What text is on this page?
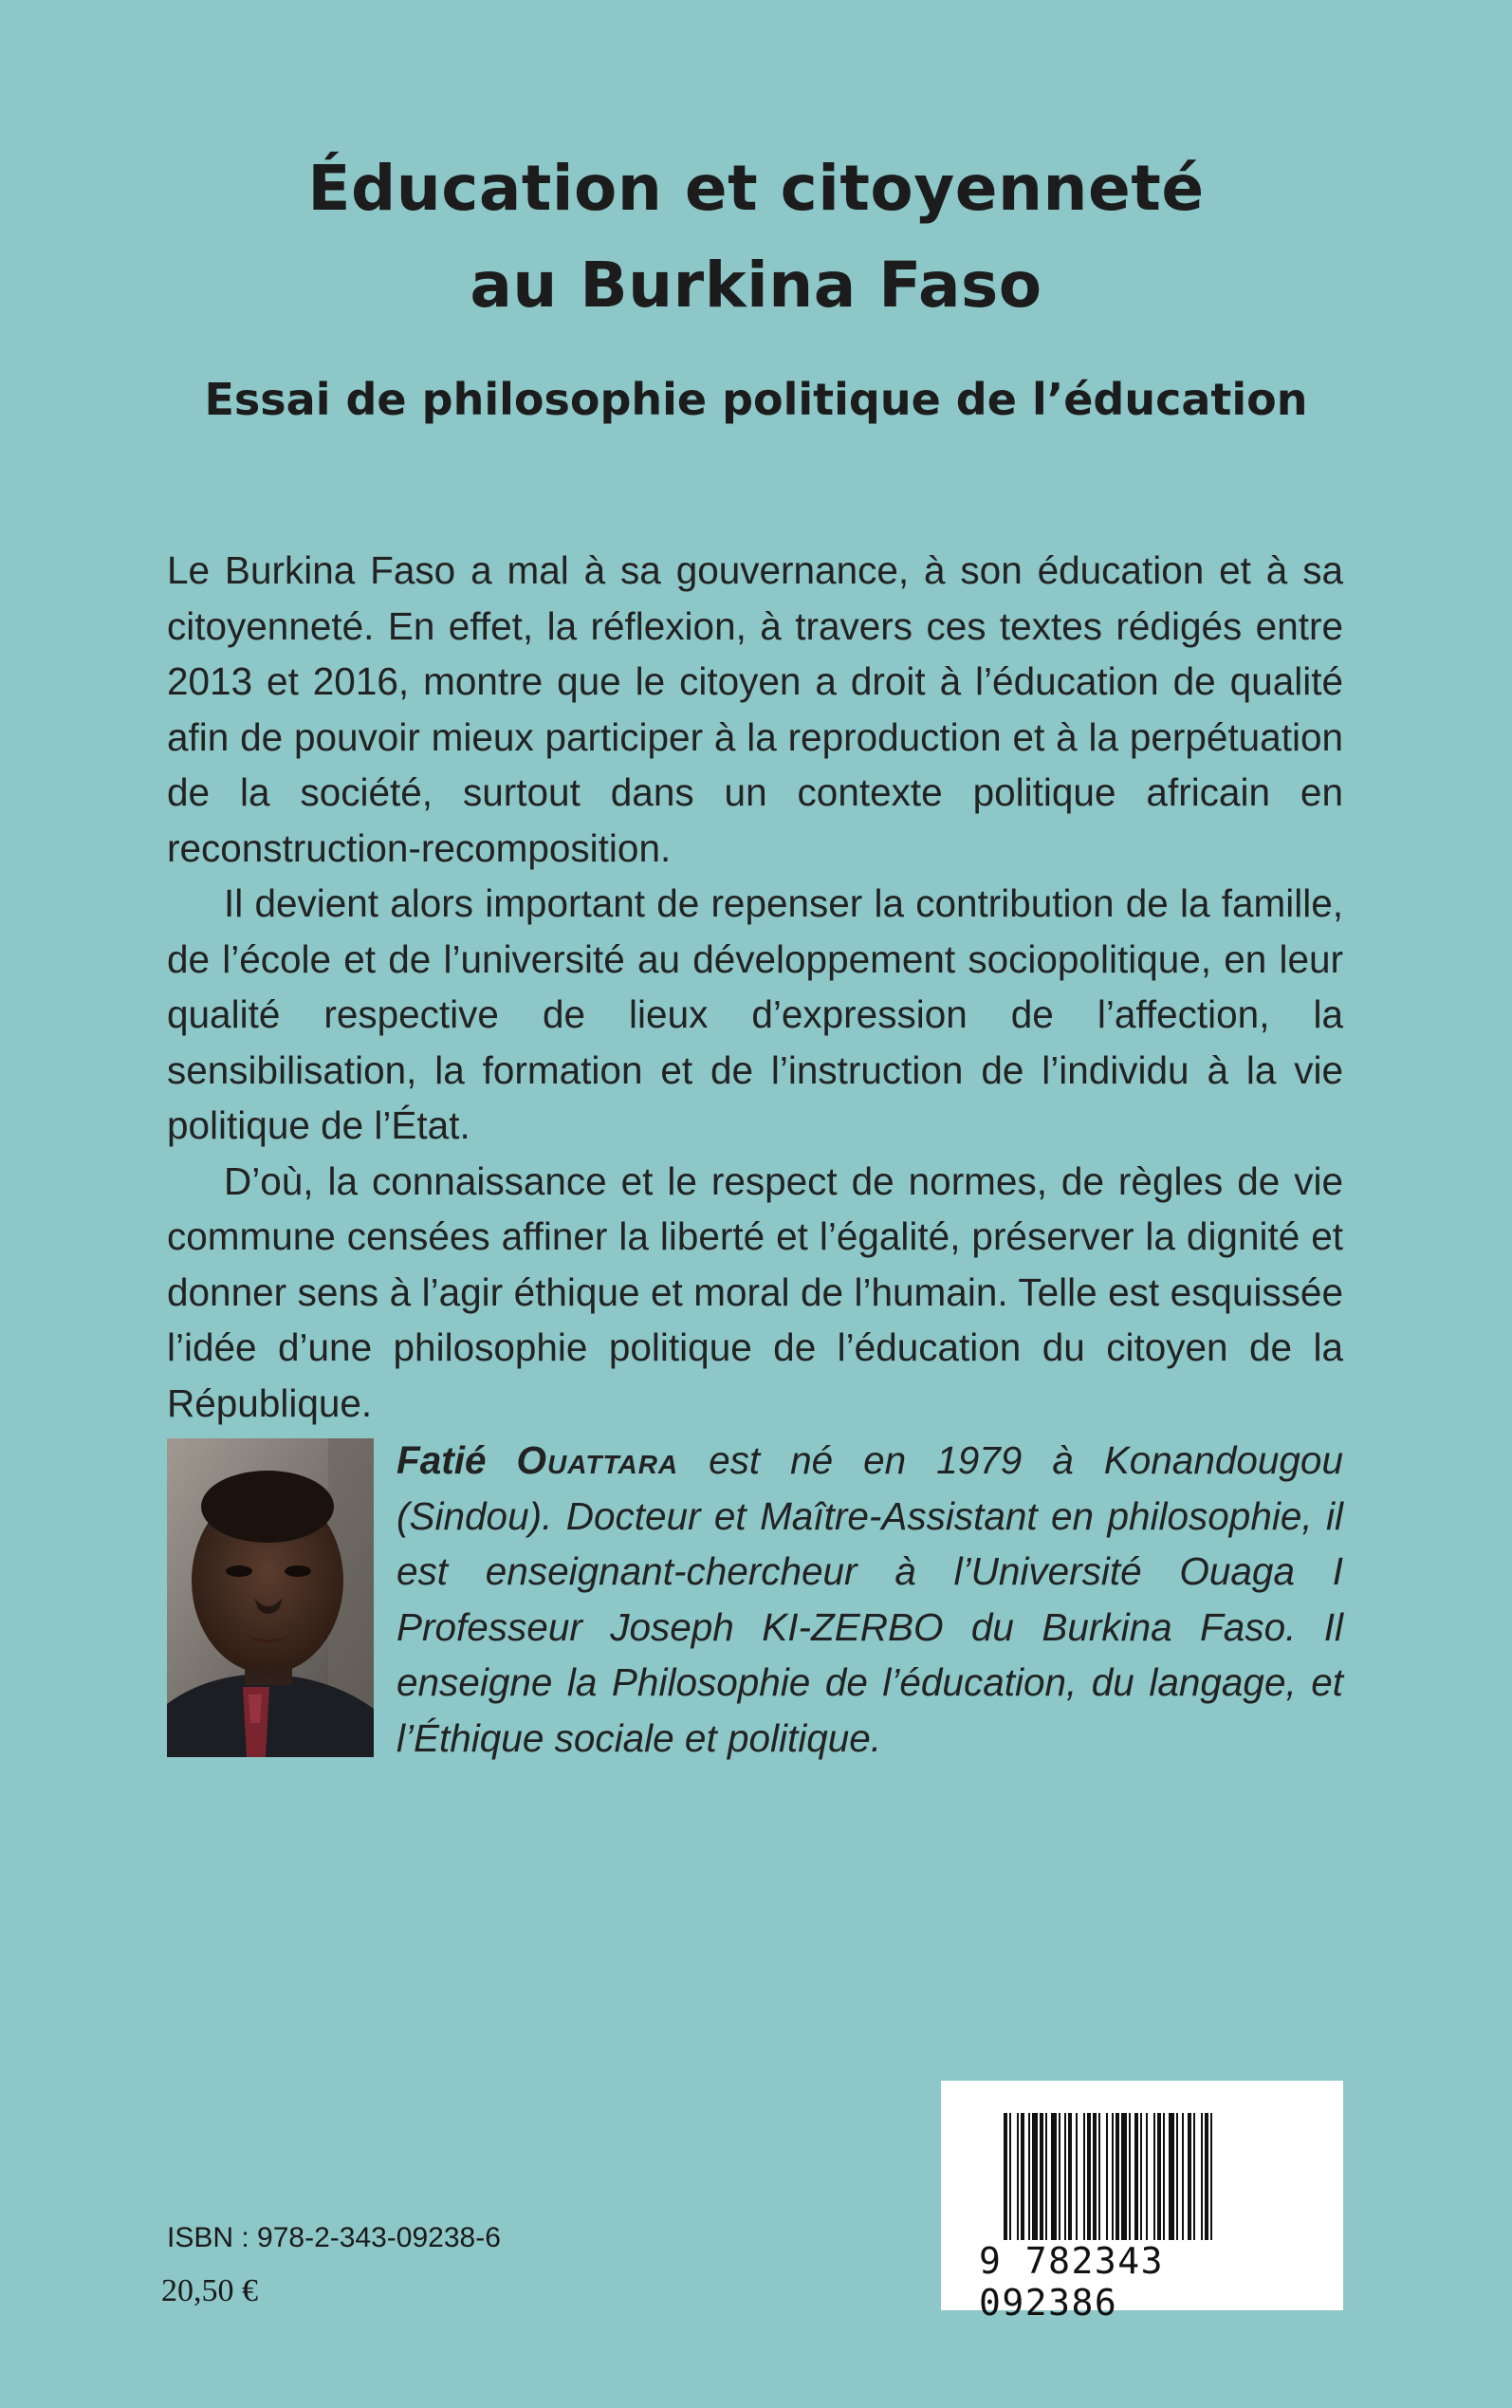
Éducation et citoyenneté
au Burkina Faso
Essai de philosophie politique de l’éducation

Le Burkina Faso a mal à sa gouvernance, à son éducation et à sa citoyenneté. En effet, la réflexion, à travers ces textes rédigés entre 2013 et 2016, montre que le citoyen a droit à l’éducation de qualité afin de pouvoir mieux participer à la reproduction et à la perpétuation de la société, surtout dans un contexte politique africain en reconstruction-recomposition.

Il devient alors important de repenser la contribution de la famille, de l’école et de l’université au développement sociopolitique, en leur qualité respective de lieux d’expression de l’affection, la sensibilisation, la formation et de l’instruction de l’individu à la vie politique de l’État.

D’où, la connaissance et le respect de normes, de règles de vie commune censées affiner la liberté et l’égalité, préserver la dignité et donner sens à l’agir éthique et moral de l’humain. Telle est esquissée l’idée d’une philosophie politique de l’éducation du citoyen de la République.

Fatié Ouattara est né en 1979 à Konandougou (Sindou). Docteur et Maître-Assistant en philosophie, il est enseignant-chercheur à l’Université Ouaga I Professeur Joseph KI-ZERBO du Burkina Faso. Il enseigne la Philosophie de l’éducation, du langage, et l’Éthique sociale et politique.

ISBN : 978-2-343-09238-6

20,50 €

9 782343 092386
